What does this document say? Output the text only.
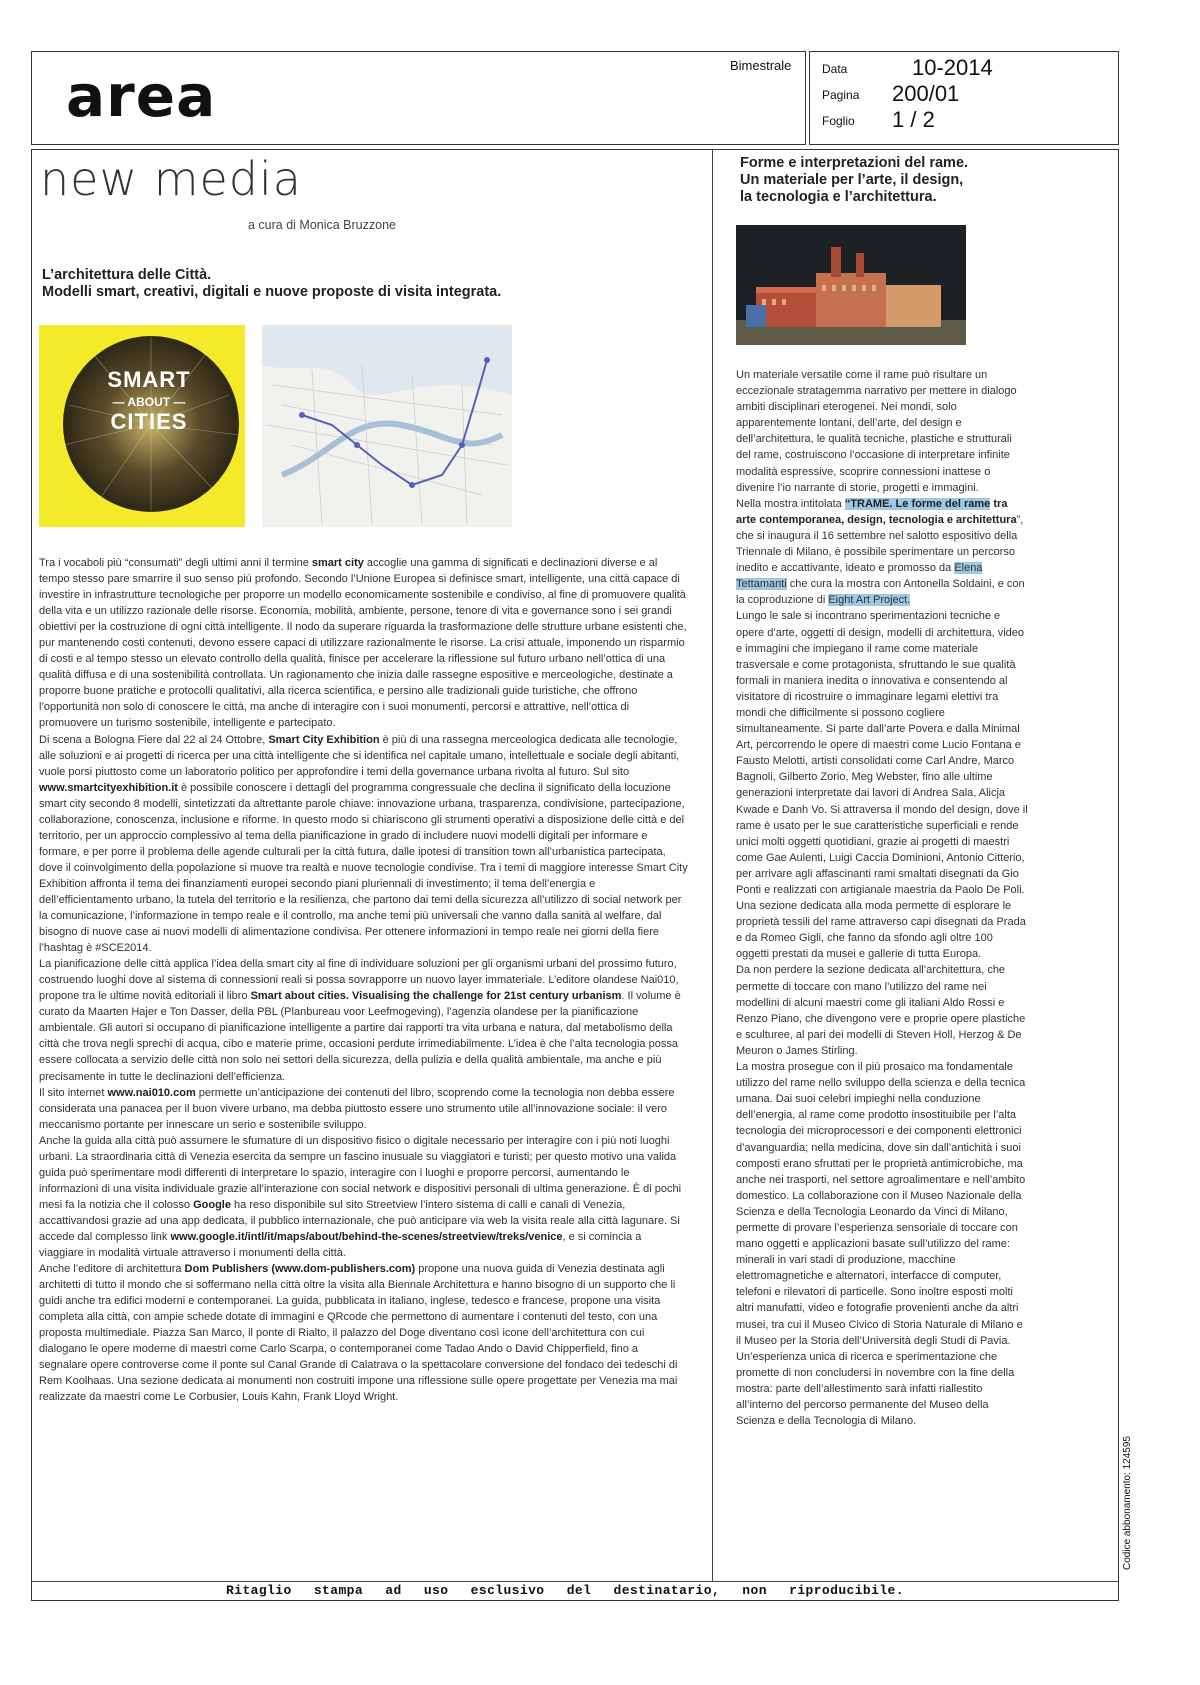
area	Bimestrale	Data	10-2014
Pagina 200/01
Foglio 1 / 2
new media
a cura di Monica Bruzzone
L’architettura delle Città.
Modelli smart, creativi, digitali e nuove proposte di visita integrata.
SMART
— ABOUT —
CITIES

Tra i vocaboli più “consumati” degli ultimi anni il termine smart city accoglie una gamma di significati e declinazioni diverse e al tempo stesso pare smarrire il suo senso più profondo. Secondo l’Unione Europea si definisce smart, intelligente, una città capace di investire in infrastrutture tecnologiche per proporre un modello economicamente sostenibile e condiviso, al fine di promuovere qualità della vita e un utilizzo razionale delle risorse. Economia, mobilità, ambiente, persone, tenore di vita e governance sono i sei grandi obiettivi per la costruzione di ogni città intelligente. Il nodo da superare riguarda la trasformazione delle strutture urbane esistenti che, pur mantenendo costi contenuti, devono essere capaci di utilizzare razionalmente le risorse. La crisi attuale, imponendo un risparmio di costi e al tempo stesso un elevato controllo della qualità, finisce per accelerare la riflessione sul futuro urbano nell’ottica di una qualità diffusa e di una sostenibilità controllata. Un ragionamento che inizia dalle rassegne espositive e merceologiche, destinate a proporre buone pratiche e protocolli qualitativi, alla ricerca scientifica, e persino alle tradizionali guide turistiche, che offrono l’opportunità non solo di conoscere le città, ma anche di interagire con i suoi monumenti, percorsi e attrattive, nell’ottica di promuovere un turismo sostenibile, intelligente e partecipato.

Di scena a Bologna Fiere dal 22 al 24 Ottobre, Smart City Exhibition è più di una rassegna merceologica dedicata alle tecnologie, alle soluzioni e ai progetti di ricerca per una città intelligente che si identifica nel capitale umano, intellettuale e sociale degli abitanti, vuole porsi piuttosto come un laboratorio politico per approfondire i temi della governance urbana rivolta al futuro. Sul sito www.smartcityexhibition.it è possibile conoscere i dettagli del programma congressuale che declina il significato della locuzione smart city secondo 8 modelli, sintetizzati da altrettante parole chiave: innovazione urbana, trasparenza, condivisione, partecipazione, collaborazione, conoscenza, inclusione e riforme. In questo modo si chiariscono gli strumenti operativi a disposizione delle città e del territorio, per un approccio complessivo al tema della pianificazione in grado di includere nuovi modelli digitali per informare e formare, e per porre il problema delle agende culturali per la città futura, dalle ipotesi di transition town all’urbanistica partecipata, dove il coinvolgimento della popolazione si muove tra realtà e nuove tecnologie condivise. Tra i temi di maggiore interesse Smart City Exhibition affronta il tema dei finanziamenti europei secondo piani pluriennali di investimento; il tema dell’energia e dell’efficientamento urbano, la tutela del territorio e la resilienza, che partono dai temi della sicurezza all’utilizzo di social network per la comunicazione, l’informazione in tempo reale e il controllo, ma anche temi più universali che vanno dalla sanità al welfare, dal bisogno di nuove case ai nuovi modelli di alimentazione condivisa. Per ottenere informazioni in tempo reale nei giorni della fiere l’hashtag è #SCE2014.

La pianificazione delle città applica l’idea della smart city al fine di individuare soluzioni per gli organismi urbani del prossimo futuro, costruendo luoghi dove al sistema di connessioni reali si possa sovrapporre un nuovo layer immateriale. L’editore olandese Nai010, propone tra le ultime novità editoriali il libro Smart about cities. Visualising the challenge for 21st century urbanism. Il volume è curato da Maarten Hajer e Ton Dasser, della PBL (Planbureau voor Leefmogeving), l’agenzia olandese per la pianificazione ambientale. Gli autori si occupano di pianificazione intelligente a partire dai rapporti tra vita urbana e natura, dal metabolismo della città che trova negli sprechi di acqua, cibo e materie prime, occasioni perdute irrimediabilmente. L’idea è che l’alta tecnologia possa essere collocata a servizio delle città non solo nei settori della sicurezza, della pulizia e della qualità ambientale, ma anche e più precisamente in tutte le declinazioni dell’efficienza.

Il sito internet www.nai010.com permette un’anticipazione dei contenuti del libro, scoprendo come la tecnologia non debba essere considerata una panacea per il buon vivere urbano, ma debba piuttosto essere uno strumento utile all’innovazione sociale: il vero meccanismo portante per innescare un serio e sostenibile sviluppo.

Anche la guida alla città può assumere le sfumature di un dispositivo fisico o digitale necessario per interagire con i più noti luoghi urbani. La straordinaria città di Venezia esercita da sempre un fascino inusuale su viaggiatori e turisti; per questo motivo una valida guida può sperimentare modi differenti di interpretare lo spazio, interagire con i luoghi e proporre percorsi, aumentando le informazioni di una visita individuale grazie all’interazione con social network e dispositivi personali di ultima generazione. È di pochi mesi fa la notizia che il colosso Google ha reso disponibile sul sito Streetview l’intero sistema di calli e canali di Venezia, accattivandosi grazie ad una app dedicata, il pubblico internazionale, che può anticipare via web la visita reale alla città lagunare. Si accede dal complesso link www.google.it/intl/it/maps/about/behind-the-scenes/streetview/treks/venice, e si comincia a viaggiare in modalità virtuale attraverso i monumenti della città.

Anche l’editore di architettura Dom Publishers (www.dom-publishers.com) propone una nuova guida di Venezia destinata agli architetti di tutto il mondo che si soffermano nella città oltre la visita alla Biennale Architettura e hanno bisogno di un supporto che li guidi anche tra edifici moderni e contemporanei. La guida, pubblicata in italiano, inglese, tedesco e francese, propone una visita completa alla città, con ampie schede dotate di immagini e QRcode che permettono di aumentare i contenuti del testo, con una proposta multimediale. Piazza San Marco, il ponte di Rialto, il palazzo del Doge diventano così icone dell’architettura con cui dialogano le opere moderne di maestri come Carlo Scarpa, o contemporanei come Tadao Ando o David Chipperfield, fino a segnalare opere controverse come il ponte sul Canal Grande di Calatrava o la spettacolare conversione del fondaco dei tedeschi di Rem Koolhaas. Una sezione dedicata ai monumenti non costruiti impone una riflessione sulle opere progettate per Venezia ma mai realizzate da maestri come Le Corbusier, Louis Kahn, Frank Lloyd Wright.

Forme e interpretazioni del rame.
Un materiale per l’arte, il design,
la tecnologia e l’architettura.

Un materiale versatile come il rame può risultare un eccezionale stratagemma narrativo per mettere in dialogo ambiti disciplinari eterogenei. Nei mondi, solo apparentemente lontani, dell’arte, del design e dell’architettura, le qualità tecniche, plastiche e strutturali del rame, costruiscono l’occasione di interpretare infinite modalità espressive, scoprire connessioni inattese o divenire l’io narrante di storie, progetti e immagini.

Nella mostra intitolata “TRAME. Le forme del rame tra arte contemporanea, design, tecnologia e architettura”, che si inaugura il 16 settembre nel salotto espositivo della Triennale di Milano, è possibile sperimentare un percorso inedito e accattivante, ideato e promosso da Elena Tettamanti che cura la mostra con Antonella Soldaini, e con la coproduzione di Eight Art Project.

Lungo le sale si incontrano sperimentazioni tecniche e opere d’arte, oggetti di design, modelli di architettura, video e immagini che impiegano il rame come materiale trasversale e come protagonista, sfruttando le sue qualità formali in maniera inedita o innovativa e consentendo al visitatore di ricostruire o immaginare legami elettivi tra mondi che difficilmente si possono cogliere simultaneamente. Si parte dall’arte Povera e dalla Minimal Art, percorrendo le opere di maestri come Lucio Fontana e Fausto Melotti, artisti consolidati come Carl Andre, Marco Bagnoli, Gilberto Zorio, Meg Webster, fino alle ultime generazioni interpretate dai lavori di Andrea Sala, Alicja Kwade e Danh Vo. Si attraversa il mondo del design, dove il rame è usato per le sue caratteristiche superficiali e rende unici molti oggetti quotidiani, grazie ai progetti di maestri come Gae Aulenti, Luigi Caccia Dominioni, Antonio Citterio, per arrivare agli affascinanti rami smaltati disegnati da Gio Ponti e realizzati con artigianale maestria da Paolo De Poli. Una sezione dedicata alla moda permette di esplorare le proprietà tessili del rame attraverso capi disegnati da Prada e da Romeo Gigli, che fanno da sfondo agli oltre 100 oggetti prestati da musei e gallerie di tutta Europa.

Da non perdere la sezione dedicata all’architettura, che permette di toccare con mano l’utilizzo del rame nei modellini di alcuni maestri come gli italiani Aldo Rossi e Renzo Piano, che divengono vere e proprie opere plastiche e sculturee, al pari dei modelli di Steven Holl, Herzog & De Meuron o James Stirling.

La mostra prosegue con il più prosaico ma fondamentale utilizzo del rame nello sviluppo della scienza e della tecnica umana. Dai suoi celebri impieghi nella conduzione dell’energia, al rame come prodotto insostituibile per l’alta tecnologia dei microprocessori e dei componenti elettronici d’avanguardia; nella medicina, dove sin dall’antichità i suoi composti erano sfruttati per le proprietà antimicrobiche, ma anche nei trasporti, nel settore agroalimentare e nell’ambito domestico. La collaborazione con il Museo Nazionale della Scienza e della Tecnologia Leonardo da Vinci di Milano, permette di provare l’esperienza sensoriale di toccare con mano oggetti e applicazioni basate sull’utilizzo del rame: minerali in vari stadi di produzione, macchine elettromagnetiche e alternatori, interfacce di computer, telefoni e rilevatori di particelle. Sono inoltre esposti molti altri manufatti, video e fotografie provenienti anche da altri musei, tra cui il Museo Civico di Storia Naturale di Milano e il Museo per la Storia dell’Università degli Studi di Pavia.

Un’esperienza unica di ricerca e sperimentazione che promette di non concludersi in novembre con la fine della mostra: parte dell’allestimento sarà infatti riallestito all’interno del percorso permanente del Museo della Scienza e della Tecnologia di Milano.

Ritaglio stampa ad uso esclusivo del destinatario, non riproducibile.
Codice abbonamento: 124595
